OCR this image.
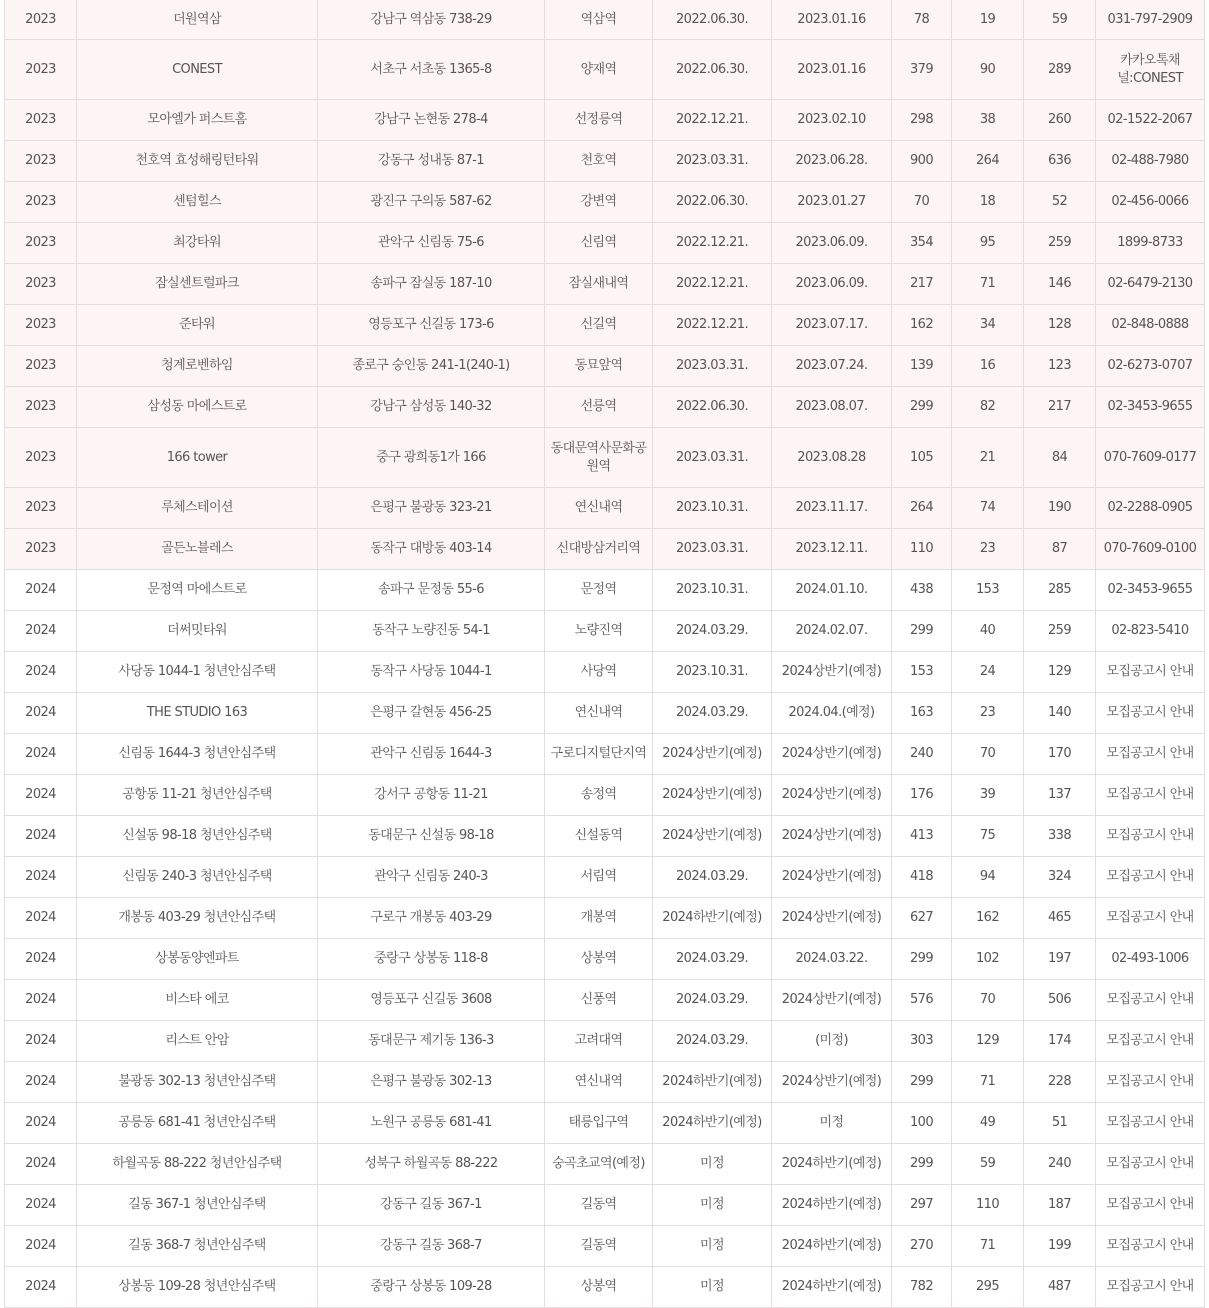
2023	더원역삼	강남구 역삼동 738-29	역삼역	2022.06.30.	2023.01.16	78	19	59	031-797-2909
2023	CONEST	서초구 서초동 1365-8	양재역	2022.06.30.	2023.01.16	379	90	289	카카오톡채널:CONEST
2023	모아엘가 퍼스트홈	강남구 논현동 278-4	선정릉역	2022.12.21.	2023.02.10	298	38	260	02-1522-2067
2023	천호역 효성해링턴타워	강동구 성내동 87-1	천호역	2023.03.31.	2023.06.28.	900	264	636	02-488-7980
2023	센텀힐스	광진구 구의동 587-62	강변역	2022.06.30.	2023.01.27	70	18	52	02-456-0066
2023	최강타워	관악구 신림동 75-6	신림역	2022.12.21.	2023.06.09.	354	95	259	1899-8733
2023	잠실센트럴파크	송파구 잠실동 187-10	잠실새내역	2022.12.21.	2023.06.09.	217	71	146	02-6479-2130
2023	준타워	영등포구 신길동 173-6	신길역	2022.12.21.	2023.07.17.	162	34	128	02-848-0888
2023	청계로벤하임	종로구 숭인동 241-1(240-1)	동묘앞역	2023.03.31.	2023.07.24.	139	16	123	02-6273-0707
2023	삼성동 마에스트로	강남구 삼성동 140-32	선릉역	2022.06.30.	2023.08.07.	299	82	217	02-3453-9655
2023	166 tower	중구 광희동1가 166	동대문역사문화공원역	2023.03.31.	2023.08.28	105	21	84	070-7609-0177
2023	루체스테이션	은평구 불광동 323-21	연신내역	2023.10.31.	2023.11.17.	264	74	190	02-2288-0905
2023	골든노블레스	동작구 대방동 403-14	신대방삼거리역	2023.03.31.	2023.12.11.	110	23	87	070-7609-0100
2024	문정역 마에스트로	송파구 문정동 55-6	문정역	2023.10.31.	2024.01.10.	438	153	285	02-3453-9655
2024	더써밋타워	동작구 노량진동 54-1	노량진역	2024.03.29.	2024.02.07.	299	40	259	02-823-5410
2024	사당동 1044-1 청년안심주택	동작구 사당동 1044-1	사당역	2023.10.31.	2024상반기(예정)	153	24	129	모집공고시 안내
2024	THE STUDIO 163	은평구 갈현동 456-25	연신내역	2024.03.29.	2024.04.(예정)	163	23	140	모집공고시 안내
2024	신림동 1644-3 청년안심주택	관악구 신림동 1644-3	구로디지털단지역	2024상반기(예정)	2024상반기(예정)	240	70	170	모집공고시 안내
2024	공항동 11-21 청년안심주택	강서구 공항동 11-21	송정역	2024상반기(예정)	2024상반기(예정)	176	39	137	모집공고시 안내
2024	신설동 98-18 청년안심주택	동대문구 신설동 98-18	신설동역	2024상반기(예정)	2024상반기(예정)	413	75	338	모집공고시 안내
2024	신림동 240-3 청년안심주택	관악구 신림동 240-3	서림역	2024.03.29.	2024상반기(예정)	418	94	324	모집공고시 안내
2024	개봉동 403-29 청년안심주택	구로구 개봉동 403-29	개봉역	2024하반기(예정)	2024상반기(예정)	627	162	465	모집공고시 안내
2024	상봉동양엔파트	중랑구 상봉동 118-8	상봉역	2024.03.29.	2024.03.22.	299	102	197	02-493-1006
2024	비스타 에코	영등포구 신길동 3608	신풍역	2024.03.29.	2024상반기(예정)	576	70	506	모집공고시 안내
2024	리스트 안암	동대문구 제기동 136-3	고려대역	2024.03.29.	(미정)	303	129	174	모집공고시 안내
2024	불광동 302-13 청년안심주택	은평구 불광동 302-13	연신내역	2024하반기(예정)	2024상반기(예정)	299	71	228	모집공고시 안내
2024	공릉동 681-41 청년안심주택	노원구 공릉동 681-41	태릉입구역	2024하반기(예정)	미정	100	49	51	모집공고시 안내
2024	하월곡동 88-222 청년안심주택	성북구 하월곡동 88-222	숭곡초교역(예정)	미정	2024하반기(예정)	299	59	240	모집공고시 안내
2024	길동 367-1 청년안심주택	강동구 길동 367-1	길동역	미정	2024하반기(예정)	297	110	187	모집공고시 안내
2024	길동 368-7 청년안심주택	강동구 길동 368-7	길동역	미정	2024하반기(예정)	270	71	199	모집공고시 안내
2024	상봉동 109-28 청년안심주택	중랑구 상봉동 109-28	상봉역	미정	2024하반기(예정)	782	295	487	모집공고시 안내
